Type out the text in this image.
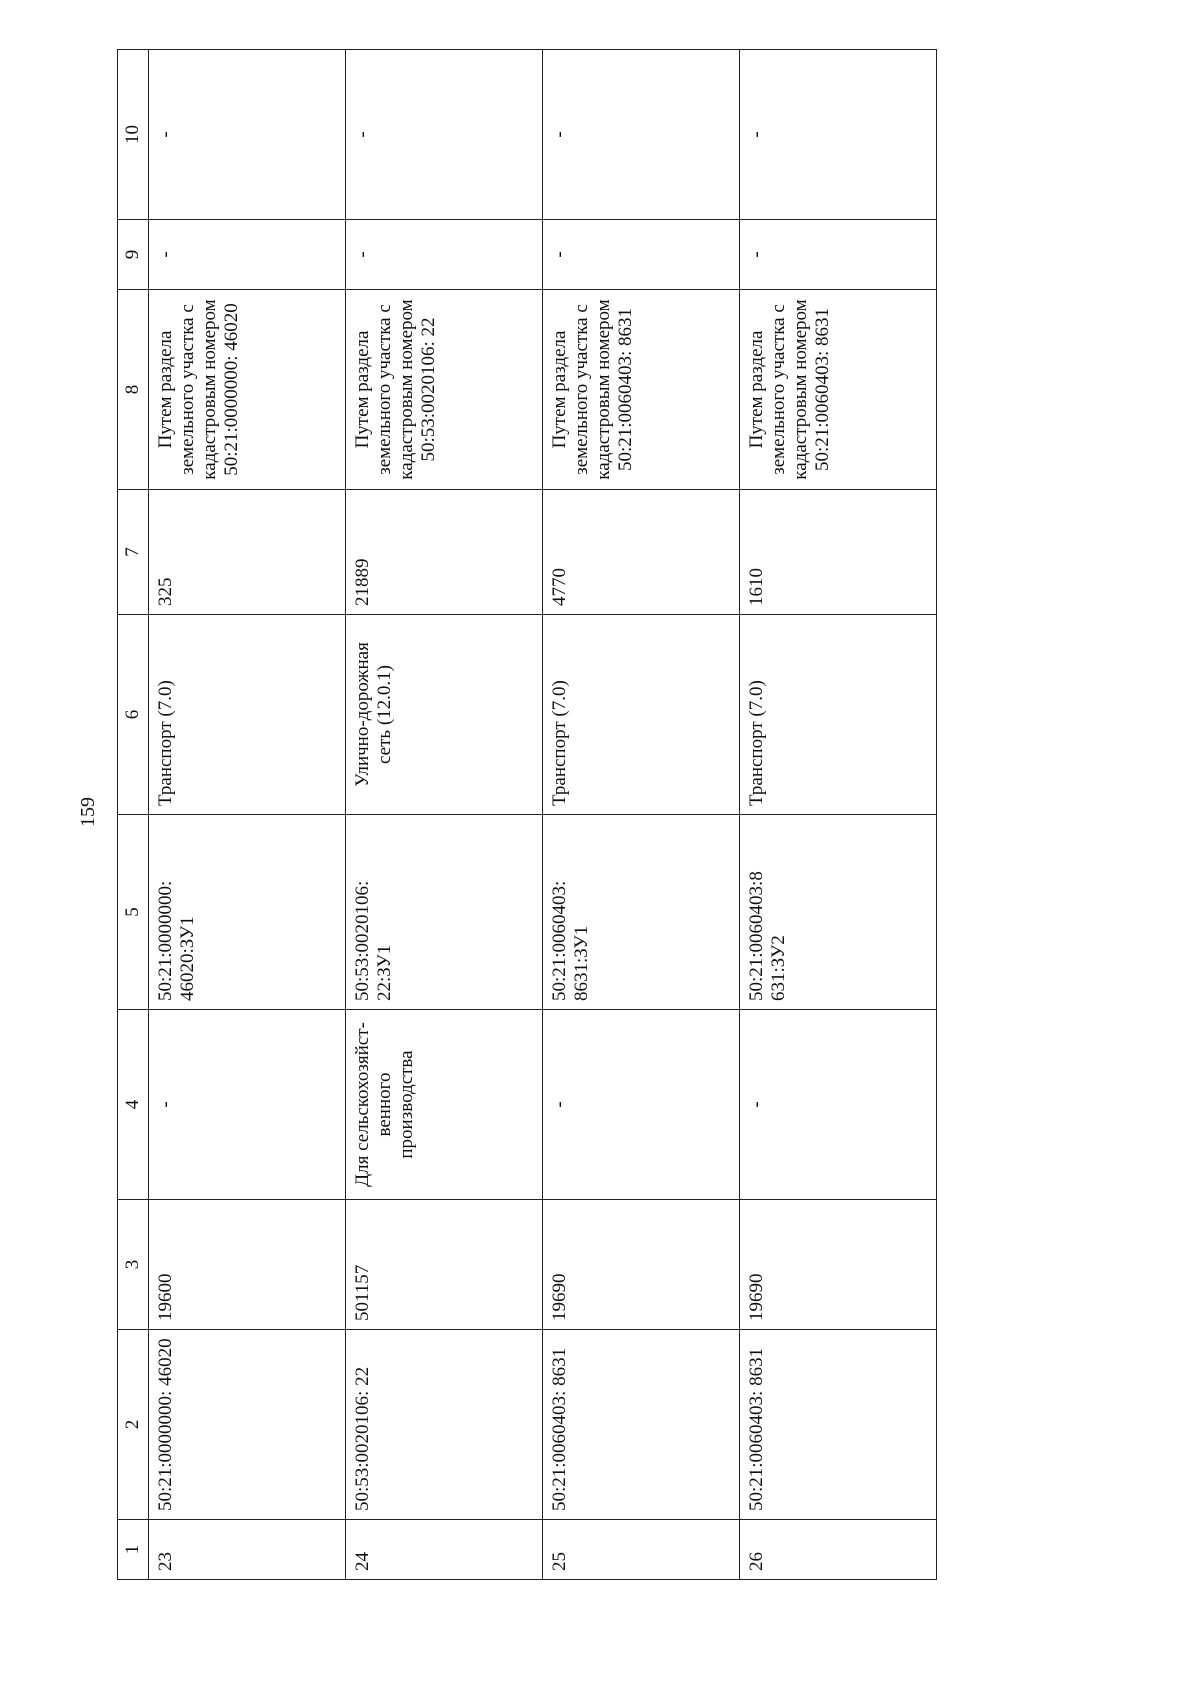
159
1	2	3	4	5	6	7	8	9	10
23	50:21:0000000: 46020	19600	-	50:21:0000000: 46020:ЗУ1	Транспорт (7.0)	325	Путем раздела земельного участка с кадастровым номером 50:21:0000000: 46020	-	-
24	50:53:0020106: 22	501157	Для сельскохозяйст-венного производства	50:53:0020106: 22:ЗУ1	Улично-дорожная сеть (12.0.1)	21889	Путем раздела земельного участка с кадастровым номером 50:53:0020106: 22	-	-
25	50:21:0060403: 8631	19690	-	50:21:0060403: 8631:ЗУ1	Транспорт (7.0)	4770	Путем раздела земельного участка с кадастровым номером 50:21:0060403: 8631	-	-
26	50:21:0060403: 8631	19690	-	50:21:0060403:8 631:ЗУ2	Транспорт (7.0)	1610	Путем раздела земельного участка с кадастровым номером 50:21:0060403: 8631	-	-
